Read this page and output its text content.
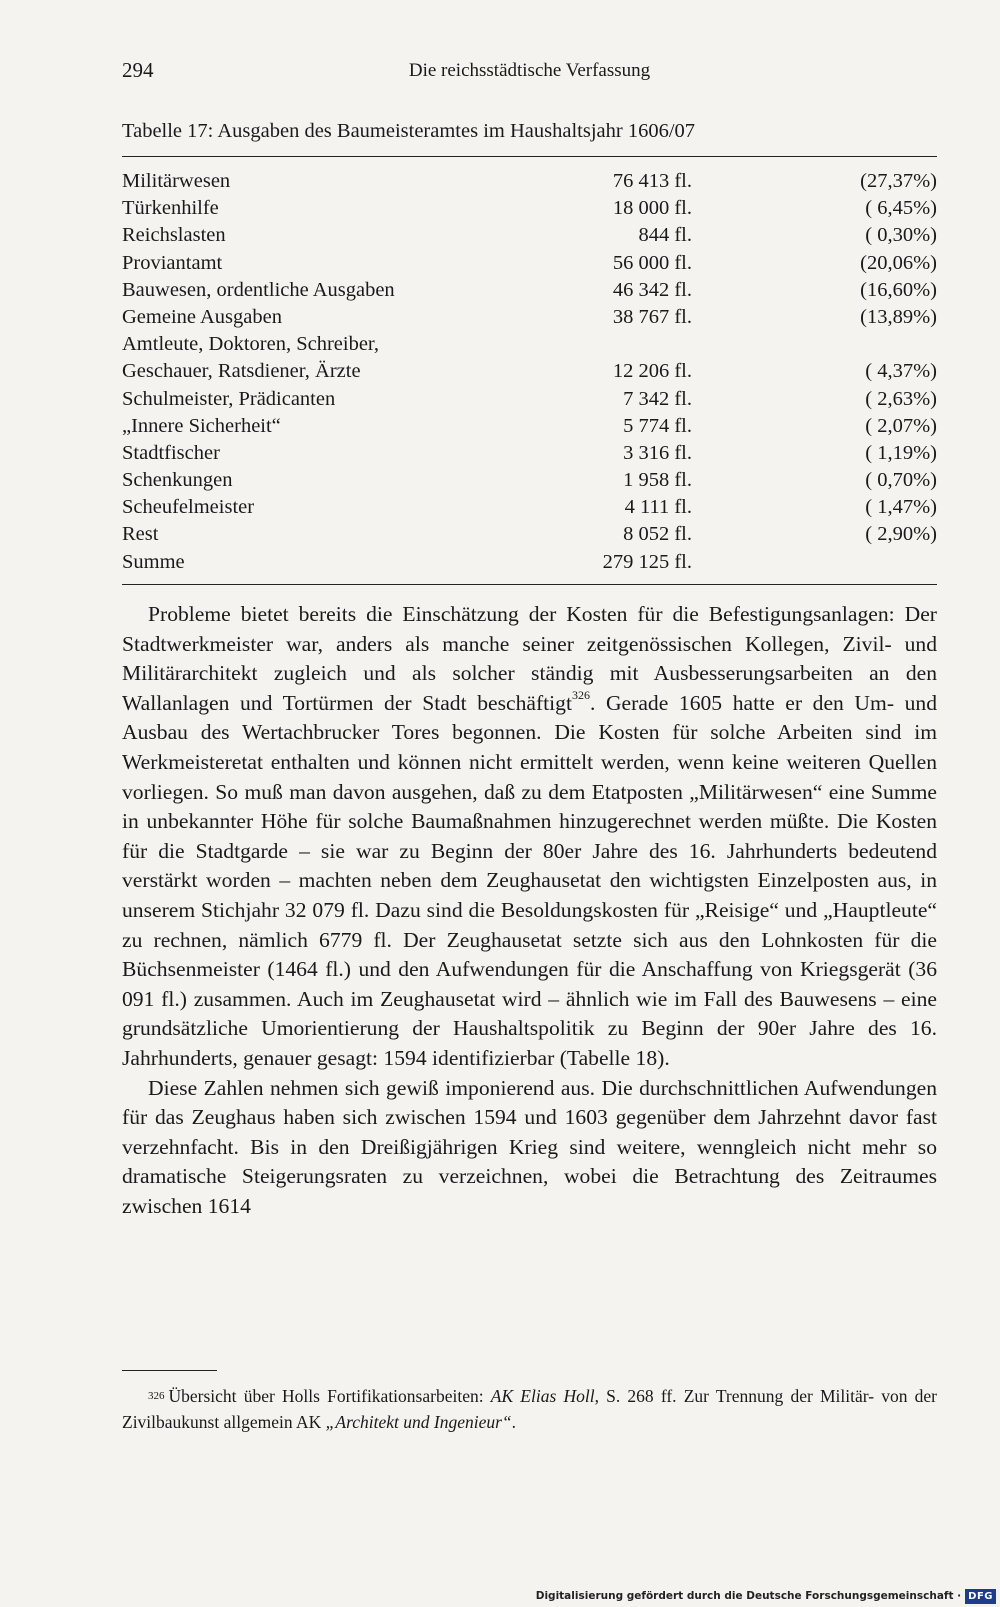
294	Die reichsstädtische Verfassung
Tabelle 17: Ausgaben des Baumeisteramtes im Haushaltsjahr 1606/07
Militärwesen	76 413 fl.	(27,37%)
Türkenhilfe	18 000 fl.	( 6,45%)
Reichslasten	844 fl.	( 0,30%)
Proviantamt	56 000 fl.	(20,06%)
Bauwesen, ordentliche Ausgaben	46 342 fl.	(16,60%)
Gemeine Ausgaben	38 767 fl.	(13,89%)
Amtleute, Doktoren, Schreiber,
Geschauer, Ratsdiener, Ärzte	12 206 fl.	( 4,37%)
Schulmeister, Prädicanten	7 342 fl.	( 2,63%)
„Innere Sicherheit“	5 774 fl.	( 2,07%)
Stadtfischer	3 316 fl.	( 1,19%)
Schenkungen	1 958 fl.	( 0,70%)
Scheufelmeister	4 111 fl.	( 1,47%)
Rest	8 052 fl.	( 2,90%)
Summe	279 125 fl.

Probleme bietet bereits die Einschätzung der Kosten für die Befestigungsanlagen: Der Stadtwerkmeister war, anders als manche seiner zeitgenössischen Kollegen, Zivil- und Militärarchitekt zugleich und als solcher ständig mit Ausbesserungsarbeiten an den Wallanlagen und Tortürmen der Stadt beschäftigt$^{326}$. Gerade 1605 hatte er den Um- und Ausbau des Wertachbrucker Tores begonnen. Die Kosten für solche Arbeiten sind im Werkmeisteretat enthalten und können nicht ermittelt werden, wenn keine weiteren Quellen vorliegen. So muß man davon ausgehen, daß zu dem Etatposten „Militärwesen“ eine Summe in unbekannter Höhe für solche Baumaßnahmen hinzugerechnet werden müßte. Die Kosten für die Stadtgarde – sie war zu Beginn der 80er Jahre des 16. Jahrhunderts bedeutend verstärkt worden – machten neben dem Zeughausetat den wichtigsten Einzelposten aus, in unserem Stichjahr 32 079 fl. Dazu sind die Besoldungskosten für „Reisige“ und „Hauptleute“ zu rechnen, nämlich 6779 fl. Der Zeughausetat setzte sich aus den Lohnkosten für die Büchsenmeister (1464 fl.) und den Aufwendungen für die Anschaffung von Kriegsgerät (36 091 fl.) zusammen. Auch im Zeughausetat wird – ähnlich wie im Fall des Bauwesens – eine grundsätzliche Umorientierung der Haushaltspolitik zu Beginn der 90er Jahre des 16. Jahrhunderts, genauer gesagt: 1594 identifizierbar (Tabelle 18).

Diese Zahlen nehmen sich gewiß imponierend aus. Die durchschnittlichen Aufwendungen für das Zeughaus haben sich zwischen 1594 und 1603 gegenüber dem Jahrzehnt davor fast verzehnfacht. Bis in den Dreißigjährigen Krieg sind weitere, wenngleich nicht mehr so dramatische Steigerungsraten zu verzeichnen, wobei die Betrachtung des Zeitraumes zwischen 1614

$^{326}$ Übersicht über Holls Fortifikationsarbeiten: AK Elias Holl, S. 268 ff. Zur Trennung der Militär- von der Zivilbaukunst allgemein AK „Architekt und Ingenieur“.
Digitalisierung gefördert durch die Deutsche Forschungsgemeinschaft · DFG
